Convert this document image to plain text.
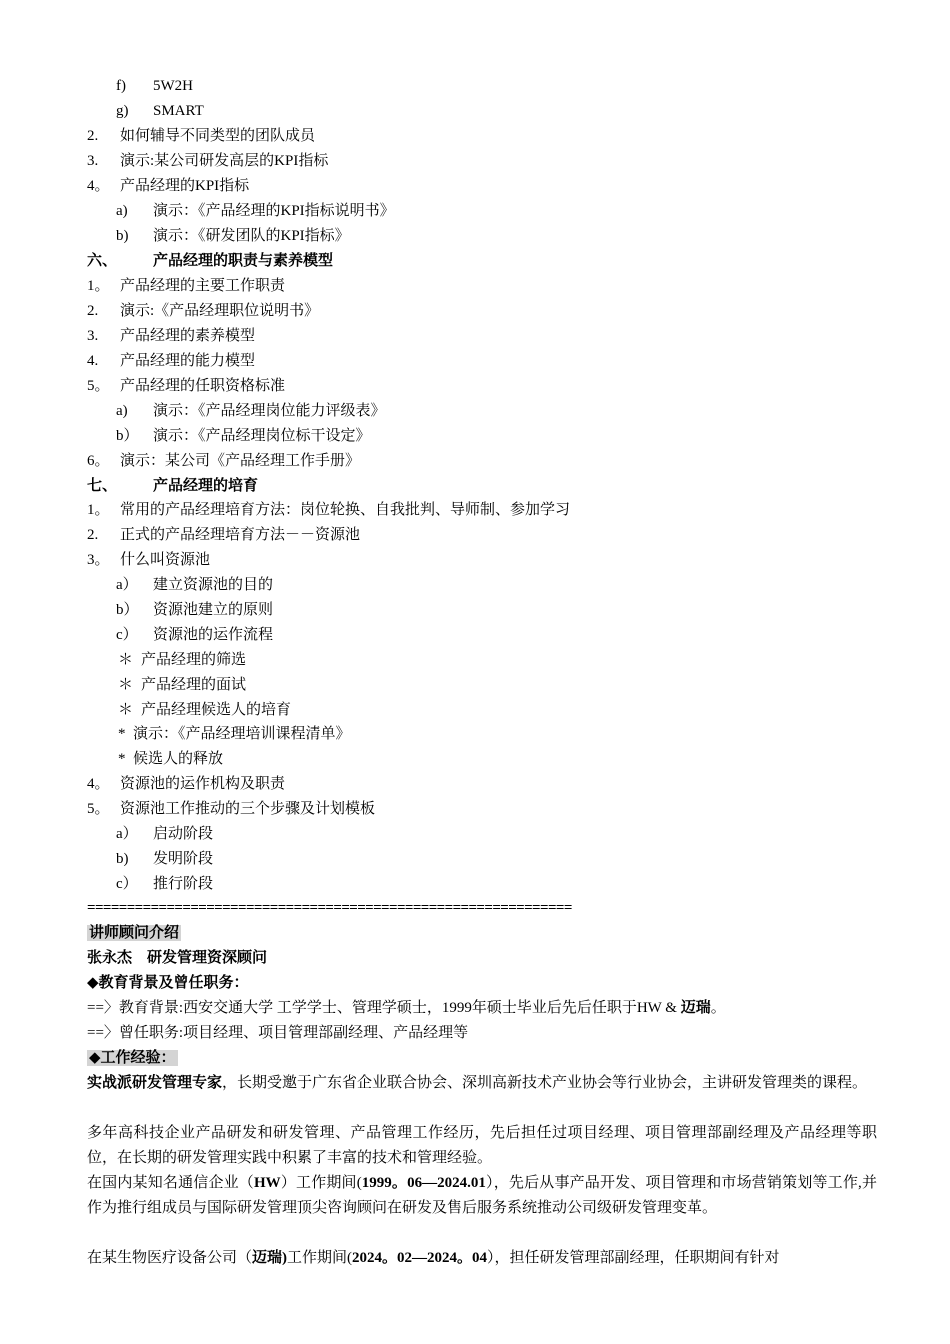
f) 5W2H
g) SMART
2. 如何辅导不同类型的团队成员
3. 演示:某公司研发高层的KPI指标
4。 产品经理的KPI指标
a) 演示：《产品经理的KPI指标说明书》
b) 演示：《研发团队的KPI指标》
六、 产品经理的职责与素养模型
1。 产品经理的主要工作职责
2. 演示:《产品经理职位说明书》
3. 产品经理的素养模型
4. 产品经理的能力模型
5。 产品经理的任职资格标准
a) 演示：《产品经理岗位能力评级表》
b） 演示：《产品经理岗位标干设定》
6。 演示：某公司《产品经理工作手册》
七、 产品经理的培育
1。 常用的产品经理培育方法：岗位轮换、自我批判、导师制、参加学习
2. 正式的产品经理培育方法－－资源池
3。 什么叫资源池
a） 建立资源池的目的
b） 资源池建立的原则
c） 资源池的运作流程
＊ 产品经理的筛选
＊ 产品经理的面试
＊ 产品经理候选人的培育
* 演示：《产品经理培训课程清单》
* 候选人的释放
4。 资源池的运作机构及职责
5。 资源池工作推动的三个步骤及计划模板
a） 启动阶段
b) 发明阶段
c） 推行阶段
=============================================================
讲师顾问介绍
张永杰　研发管理资深顾问
◆教育背景及曾任职务：
==〉教育背景:西安交通大学 工学学士、管理学硕士，1999年硕士毕业后先后任职于HW & 迈瑞。
==〉曾任职务:项目经理、项目管理部副经理、产品经理等
◆工作经验：
实战派研发管理专家，长期受邀于广东省企业联合协会、深圳高新技术产业协会等行业协会，主讲研发管理类的课程。
多年高科技企业产品研发和研发管理、产品管理工作经历，先后担任过项目经理、项目管理部副经理及产品经理等职位，在长期的研发管理实践中积累了丰富的技术和管理经验。
在国内某知名通信企业（HW）工作期间(1999。06—2024.01），先后从事产品开发、项目管理和市场营销策划等工作,并作为推行组成员与国际研发管理顶尖咨询顾问在研发及售后服务系统推动公司级研发管理变革。
在某生物医疗设备公司（迈瑞)工作期间(2024。02—2024。04），担任研发管理部副经理，任职期间有针对
